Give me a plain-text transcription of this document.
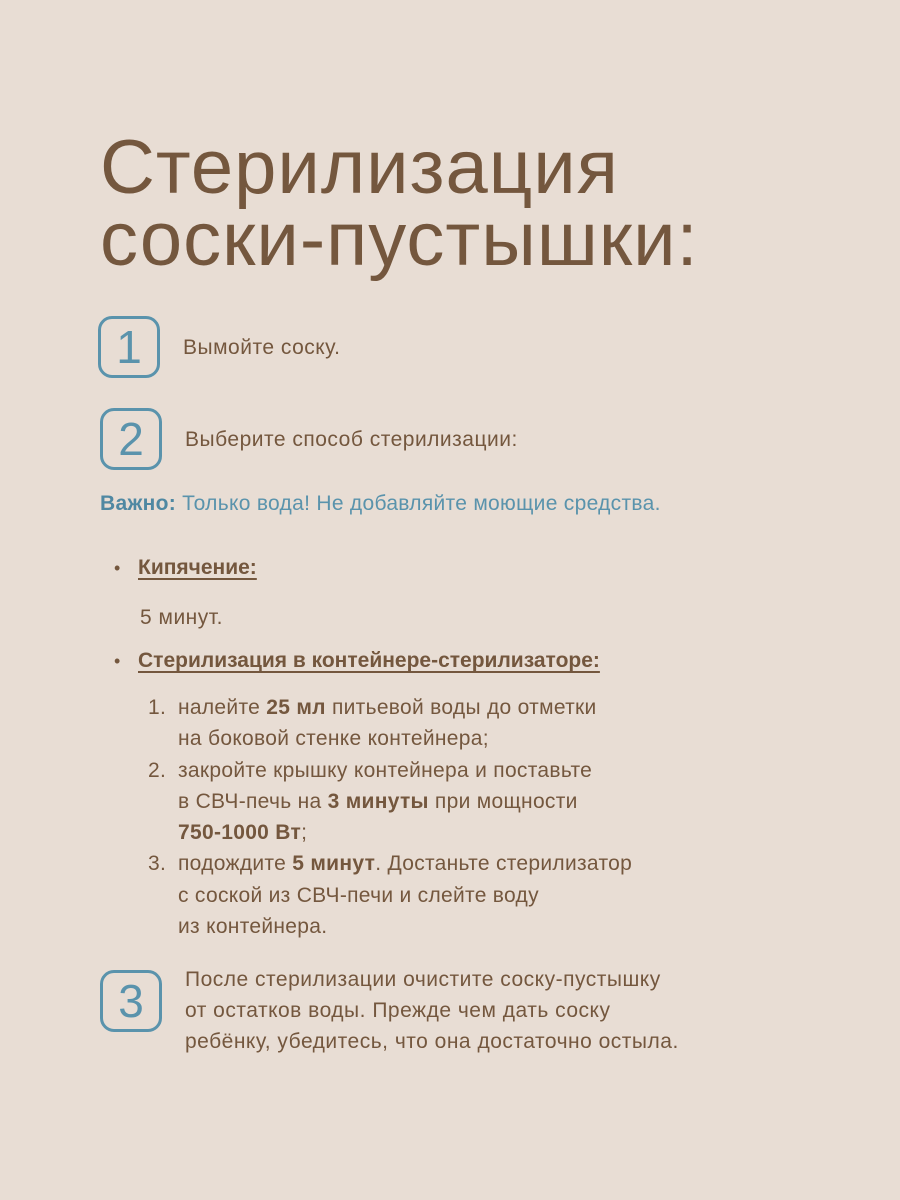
Стерилизация
соски-пустышки:
1	Вымойте соску.
2	Выберите способ стерилизации:
Важно: Только вода! Не добавляйте моющие средства.
• Кипячение:
5 минут.
• Стерилизация в контейнере-стерилизаторе:
1. налейте 25 мл питьевой воды до отметки
на боковой стенке контейнера;
2. закройте крышку контейнера и поставьте
в СВЧ-печь на 3 минуты при мощности
750-1000 Вт;
3. подождите 5 минут. Достаньте стерилизатор
с соской из СВЧ-печи и слейте воду
из контейнера.
3	После стерилизации очистите соску-пустышку
от остатков воды. Прежде чем дать соску
ребёнку, убедитесь, что она достаточно остыла.
